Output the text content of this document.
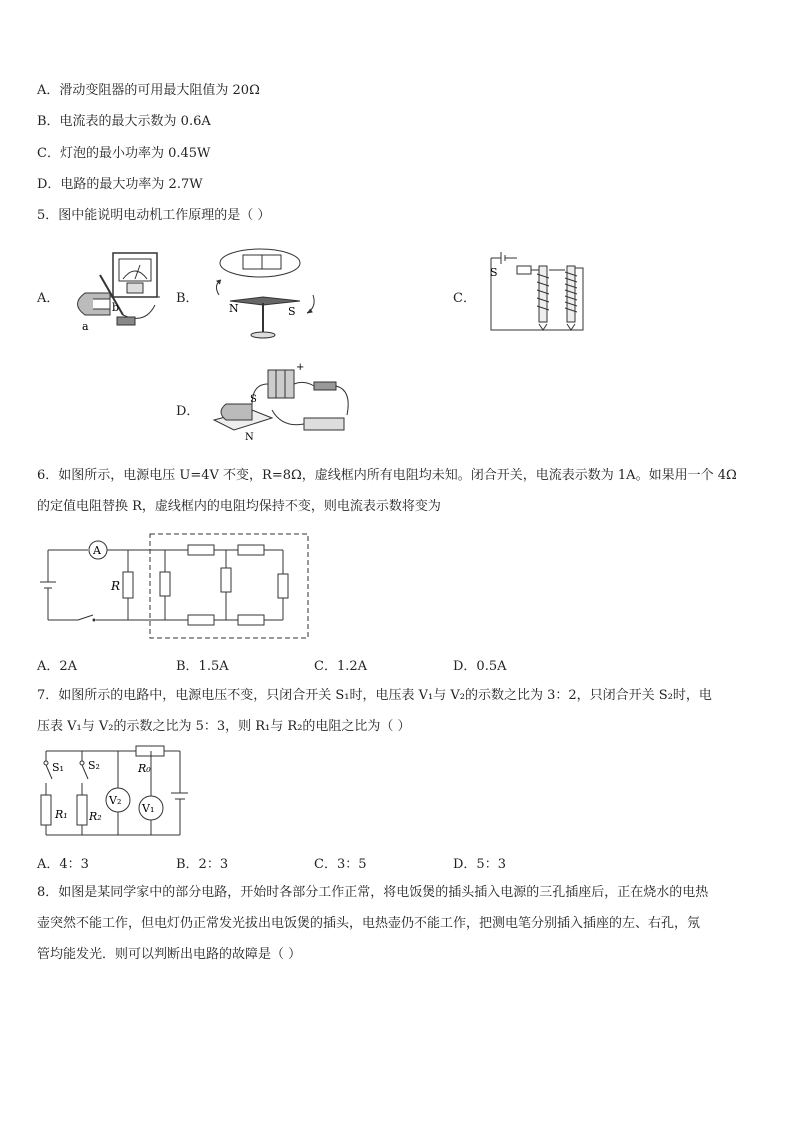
A．滑动变阻器的可用最大阻值为 20Ω
B．电流表的最大示数为 0.6A
C．灯泡的最小功率为 0.45W
D．电路的最大功率为 2.7W
5．图中能说明电动机工作原理的是（ ）
A．
b
a
B．
N	S
C．
S
D．
+
S
N
6．如图所示，电源电压 U=4V 不变，R=8Ω，虚线框内所有电阻均未知。闭合开关，电流表示数为 1A。如果用一个 4Ω
的定值电阻替换 R，虚线框内的电阻均保持不变，则电流表示数将变为
A
R
A．2A	B．1.5A	C．1.2A	D．0.5A
7．如图所示的电路中，电源电压不变，只闭合开关 S₁时，电压表 V₁与 V₂的示数之比为 3：2，只闭合开关 S₂时，电
压表 V₁与 V₂的示数之比为 5：3，则 R₁与 R₂的电阻之比为（ ）
R₀
S₁
R₁
S₂
R₂
V₂
V₁
A．4：3	B．2：3	C．3：5	D．5：3
8．如图是某同学家中的部分电路，开始时各部分工作正常，将电饭煲的插头插入电源的三孔插座后，正在烧水的电热
壶突然不能工作，但电灯仍正常发光拔出电饭煲的插头，电热壶仍不能工作，把测电笔分别插入插座的左、右孔，氖
管均能发光．则可以判断出电路的故障是（ ）
